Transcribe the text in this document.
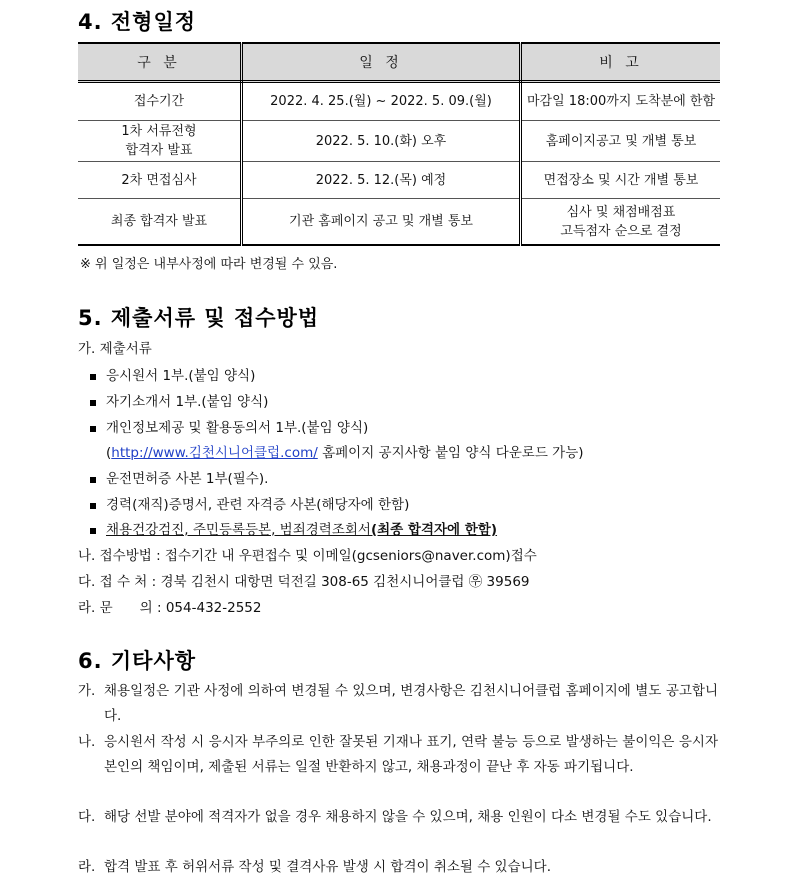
4. 전형일정
구 분	일 정	비 고

접수기간	2022. 4. 25.(월) ~ 2022. 5. 09.(월)	마감일 18:00까지 도착분에 한함

1차 서류전형
합격자 발표	2022. 5. 10.(화) 오후	홈페이지공고 및 개별 통보

2차 면접심사	2022. 5. 12.(목) 예정	면접장소 및 시간 개별 통보

최종 합격자 발표	기관 홈페이지 공고 및 개별 통보	심사 및 채점배점표
고득점자 순으로 결정
※ 위 일정은 내부사정에 따라 변경될 수 있음.
5. 제출서류 및 접수방법
가. 제출서류
응시원서 1부.(붙임 양식)
자기소개서 1부.(붙임 양식)
개인정보제공 및 활용동의서 1부.(붙임 양식)
(http://www.김천시니어클럽.com/ 홈페이지 공지사항 붙임 양식 다운로드 가능)
운전면허증 사본 1부(필수).
경력(재직)증명서, 관련 자격증 사본(해당자에 한함)
채용건강검진, 주민등록등본, 범죄경력조회서(최종 합격자에 한함)
나. 접수방법 : 접수기간 내 우편접수 및 이메일(gcseniors@naver.com)접수
다. 접 수 처 : 경북 김천시 대항면 덕전길 308-65 김천시니어클럽 ㉾ 39569
라. 문　　의 : 054-432-2552
6. 기타사항
가. 채용일정은 기관 사정에 의하여 변경될 수 있으며, 변경사항은 김천시니어클럽 홈페이지에 별도 공고합니다.
나. 응시원서 작성 시 응시자 부주의로 인한 잘못된 기재나 표기, 연락 불능 등으로 발생하는 불이익은 응시자 본인의 책임이며, 제출된 서류는 일절 반환하지 않고, 채용과정이 끝난 후 자동 파기됩니다.
다. 해당 선발 분야에 적격자가 없을 경우 채용하지 않을 수 있으며, 채용 인원이 다소 변경될 수도 있습니다.
라. 합격 발표 후 허위서류 작성 및 결격사유 발생 시 합격이 취소될 수 있습니다.
